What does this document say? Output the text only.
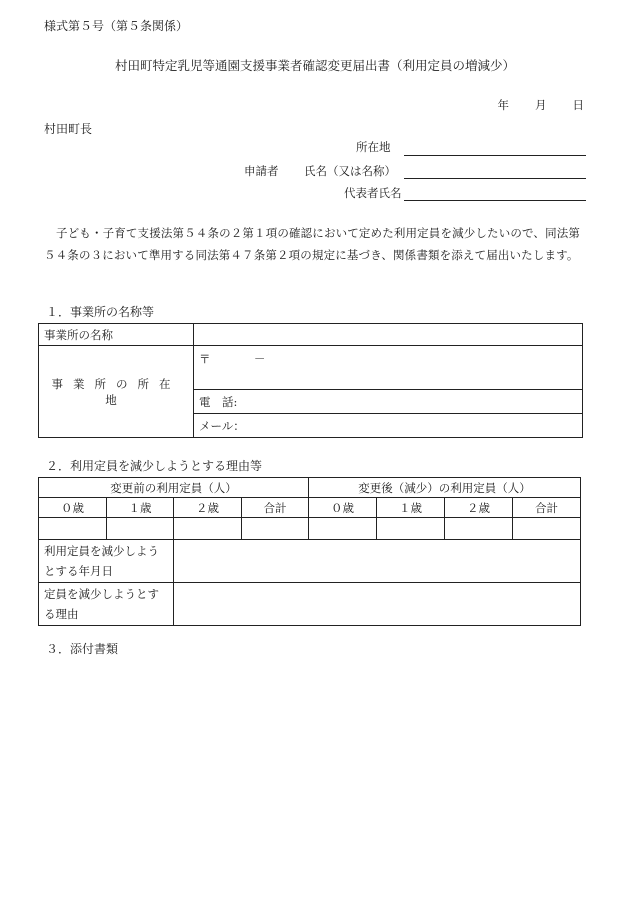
様式第５号（第５条関係）
村田町特定乳児等通園支援事業者確認変更届出書（利用定員の増減少）
年 月 日
村田町長
所在地
申請者 氏名（又は名称）
代表者氏名
子ども・子育て支援法第５４条の２第１項の確認において定めた利用定員を減少したいので、同法第５４条の３において準用する同法第４７条第２項の規定に基づき、関係書類を添えて届出いたします。
１．事業所の名称等
事業所の名称	
事業所の所在地	〒 －
	電　話:
	メール：
２．利用定員を減少しようとする理由等
変更前の利用定員（人）				変更後（減少）の利用定員（人）			
０歳	１歳	２歳	合計	０歳	１歳	２歳	合計

利用定員を減少しよう
とする年月日							

定員を減少しようとす
る理由							

３．添付書類
